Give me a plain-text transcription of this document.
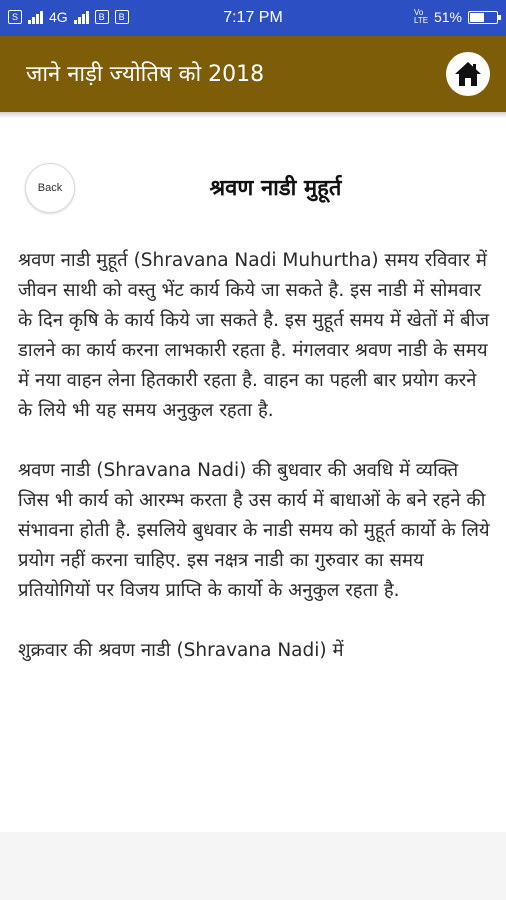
S 4G	B	B	7:17 PM	Vo LTE 51%
जाने नाड़ी ज्योतिष को 2018
Back	श्रवण नाडी मुहूर्त

श्रवण नाडी मुहूर्त (Shravana Nadi Muhurtha) समय रविवार में जीवन साथी को वस्तु भेंट कार्य किये जा सकते है. इस नाडी में सोमवार के दिन कृषि के कार्य किये जा सकते है. इस मुहूर्त समय में खेतों में बीज डालने का कार्य करना लाभकारी रहता है. मंगलवार श्रवण नाडी के समय में नया वाहन लेना हितकारी रहता है. वाहन का पहली बार प्रयोग करने के लिये भी यह समय अनुकुल रहता है.

श्रवण नाडी (Shravana Nadi) की बुधवार की अवधि में व्यक्ति जिस भी कार्य को आरम्भ करता है उस कार्य में बाधाओं के बने रहने की संभावना होती है. इसलिये बुधवार के नाडी समय को मुहूर्त कार्यो के लिये प्रयोग नहीं करना चाहिए. इस नक्षत्र नाडी का गुरुवार का समय प्रतियोगियों पर विजय प्राप्ति के कार्यो के अनुकुल रहता है.

शुक्रवार की श्रवण नाडी (Shravana Nadi) में
